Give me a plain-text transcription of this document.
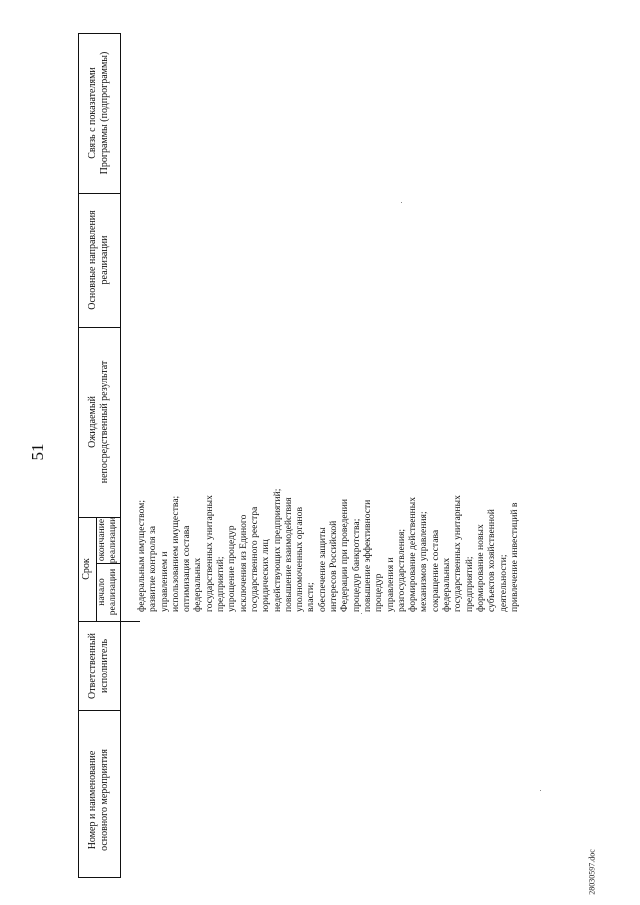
51
Номер и наименование основного мероприятия
Ответственный исполнитель
Срок
начало реализации
окончание реализации
Ожидаемый непосредственный результат
Основные направления реализации
Связь с показателями Программы (подпрограммы)
федеральным имуществом; развитие контроля за управлением и использованием имущества; оптимизация состава федеральных государственных унитарных предприятий; упрощение процедур исключения из Единого государственного реестра юридических лиц недействующих предприятий; повышение взаимодействия уполномоченных органов власти; обеспечение защиты интересов Российской Федерации при проведении процедур банкротства; повышение эффективности процедур управления и разгосударствления; формирование действенных механизмов управления; сокращение состава федеральных государственных унитарных предприятий; формирование новых субъектов хозяйственной деятельности; привлечение инвестиций в
28030597.doc
